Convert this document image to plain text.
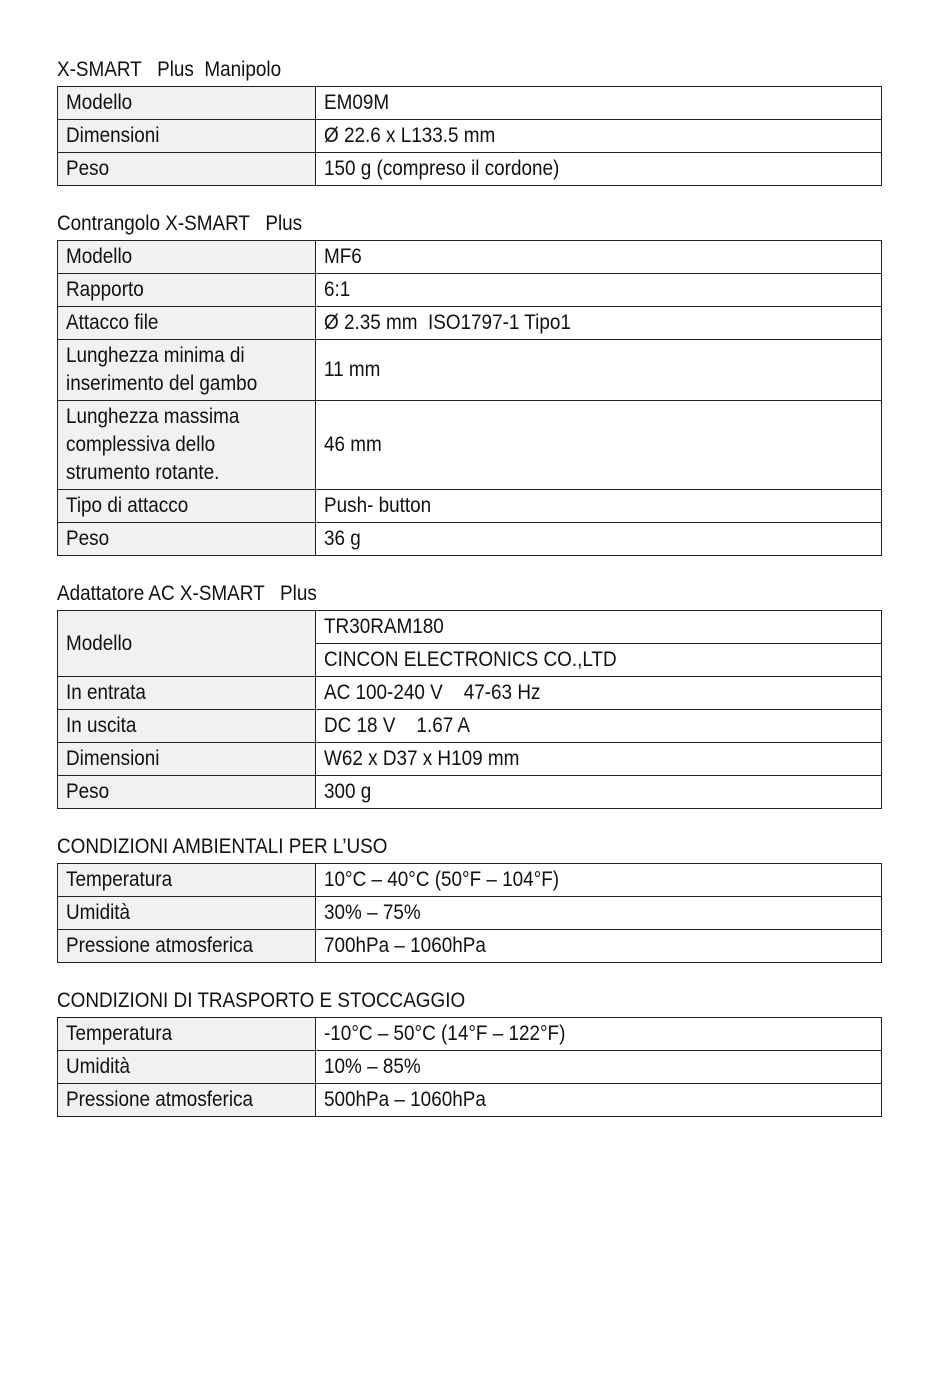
X-SMART   Plus  Manipolo
Modello	EM09M
Dimensioni	Ø 22.6 x L133.5 mm
Peso	150 g (compreso il cordone)
Contrangolo X-SMART   Plus
Modello	MF6
Rapporto	6:1
Attacco file	Ø 2.35 mm  ISO1797-1 Tipo1
Lunghezza minima di
inserimento del gambo	11 mm
Lunghezza massima
complessiva dello
strumento rotante.	46 mm
Tipo di attacco	Push- button
Peso	36 g
Adattatore AC X-SMART   Plus
Modello	TR30RAM180
	CINCON ELECTRONICS CO.,LTD
In entrata	AC 100-240 V    47-63 Hz
In uscita	DC 18 V    1.67 A
Dimensioni	W62 x D37 x H109 mm
Peso	300 g
CONDIZIONI AMBIENTALI PER L’USO
Temperatura	10°C – 40°C (50°F – 104°F)
Umidità	30% – 75%
Pressione atmosferica	700hPa – 1060hPa
CONDIZIONI DI TRASPORTO E STOCCAGGIO
Temperatura	-10°C – 50°C (14°F – 122°F)
Umidità	10% – 85%
Pressione atmosferica	500hPa – 1060hPa
